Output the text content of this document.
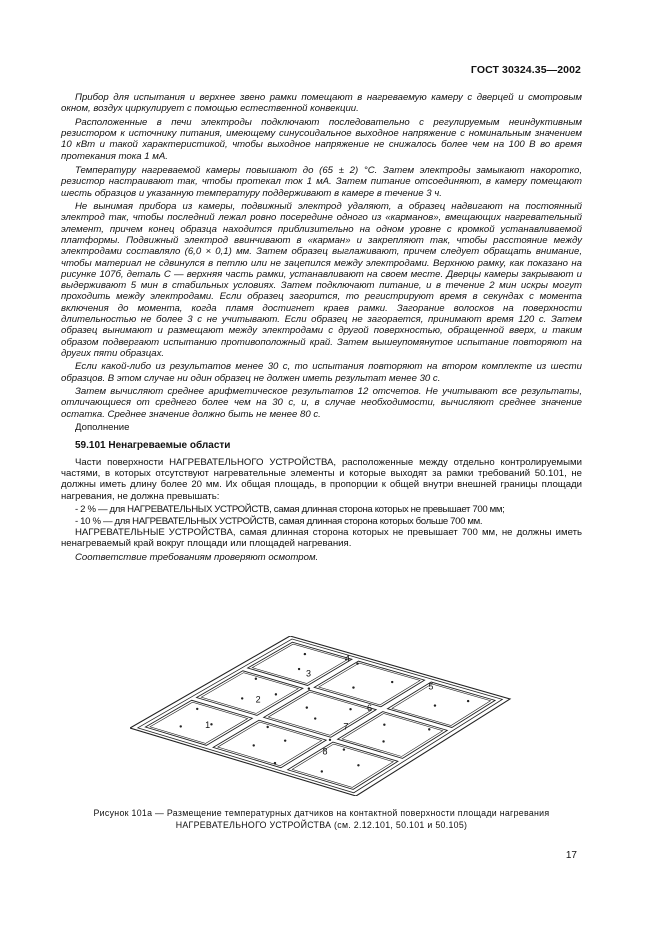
ГОСТ 30324.35—2002

Прибор для испытания и верхнее звено рамки помещают в нагреваемую камеру с дверцей и смотровым окном, воздух циркулирует с помощью естественной конвекции.

Расположенные в печи электроды подключают последовательно с регулируемым неиндуктивным резистором к источнику питания, имеющему синусоидальное выходное напряжение с номинальным значением 10 кВт и такой характеристикой, чтобы выходное напряжение не снижалось более чем на 100 В во время протекания тока 1 мА.

Температуру нагреваемой камеры повышают до (65 ± 2) °С. Затем электроды замыкают накоротко, резистор настраивают так, чтобы протекал ток 1 мА. Затем питание отсоединяют, в камеру помещают шесть образцов и указанную температуру поддерживают в камере в течение 3 ч.

Не вынимая прибора из камеры, подвижный электрод удаляют, а образец надвигают на постоянный электрод так, чтобы последний лежал ровно посередине одного из «карманов», вмещающих нагревательный элемент, причем конец образца находится приблизительно на одном уровне с кромкой устанавливаемой платформы. Подвижный электрод ввинчивают в «карман» и закрепляют так, чтобы расстояние между электродами составляло (6,0 × 0,1) мм. Затем образец выглаживают, причем следует обращать внимание, чтобы материал не сдвинулся в петлю или не зацепился между электродами. Верхнюю рамку, как показано на рисунке 107б, деталь С — верхняя часть рамки, устанавливают на своем месте. Дверцы камеры закрывают и выдерживают 5 мин в стабильных условиях. Затем подключают питание, и в течение 2 мин искры могут проходить между электродами. Если образец загорится, то регистрируют время в секундах с момента включения до момента, когда пламя достигнет краев рамки. Загорание волосков на поверхности длительностью не более 3 с не учитывают. Если образец не загорается, принимают время 120 с. Затем образец вынимают и размещают между электродами с другой поверхностью, обращенной вверх, и таким образом подвергают испытанию противоположный край. Затем вышеупомянутое испытание повторяют на других пяти образцах.

Если какой-либо из результатов менее 30 с, то испытания повторяют на втором комплекте из шести образцов. В этом случае ни один образец не должен иметь результат менее 30 с.

Затем вычисляют среднее арифметическое результатов 12 отсчетов. Не учитывают все результаты, отличающиеся от среднего более чем на 30 с, и, в случае необходимости, вычисляют среднее значение остатка. Среднее значение должно быть не менее 80 с.

Дополнение

59.101 Ненагреваемые области

Части поверхности НАГРЕВАТЕЛЬНОГО УСТРОЙСТВА, расположенные между отдельно контролируемыми частями, в которых отсутствуют нагревательные элементы и которые выходят за рамки требований 50.101, не должны иметь длину более 20 мм. Их общая площадь, в пропорции к общей внутри внешней границы площади нагревания, не должна превышать:

- 2 % — для НАГРЕВАТЕЛЬНЫХ УСТРОЙСТВ, самая длинная сторона которых не превышает 700 мм;
- 10 % — для НАГРЕВАТЕЛЬНЫХ УСТРОЙСТВ, самая длинная сторона которых больше 700 мм.

НАГРЕВАТЕЛЬНЫЕ УСТРОЙСТВА, самая длинная сторона которых не превышает 700 мм, не должны иметь ненагреваемый край вокруг площади или площадей нагревания.

Соответствие требованиям проверяют осмотром.

1
2
3
4
5
6
7
8
Рисунок 101а — Размещение температурных датчиков на контактной поверхности площади нагревания
НАГРЕВАТЕЛЬНОГО УСТРОЙСТВА (см. 2.12.101, 50.101 и 50.105)
17
